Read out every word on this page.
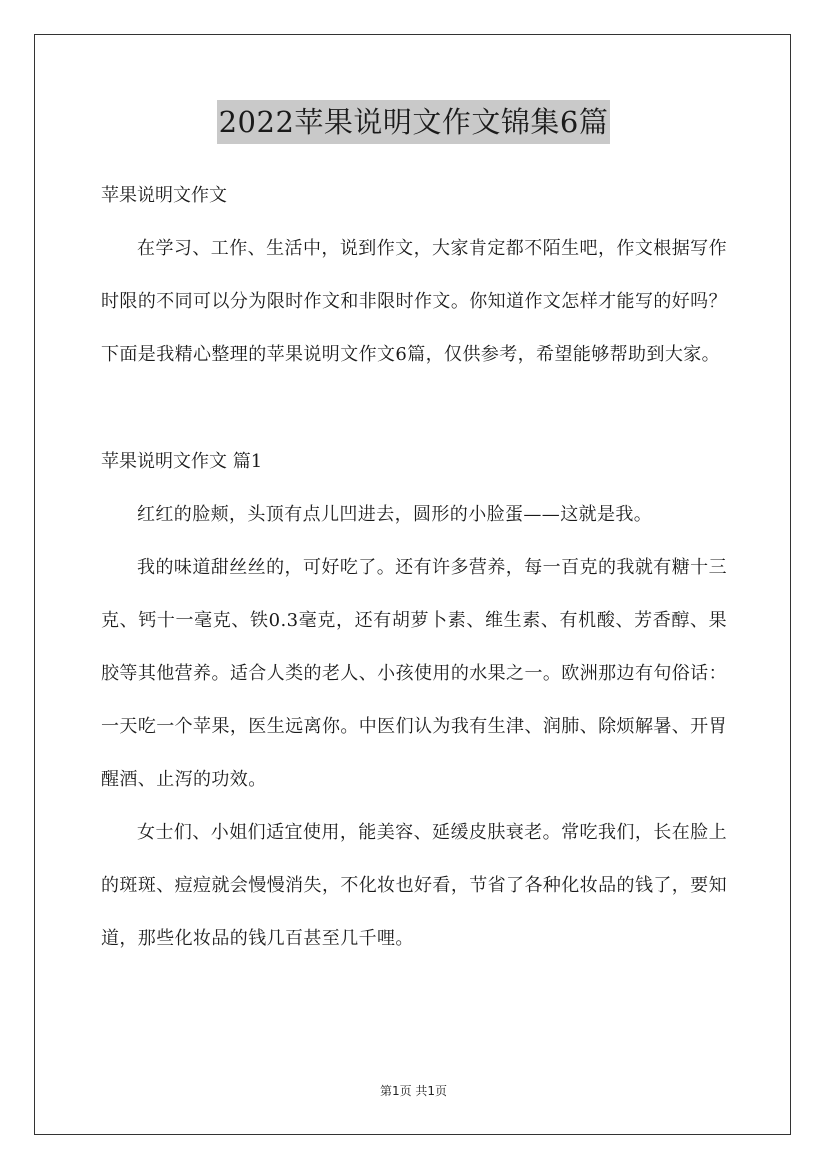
2022苹果说明文作文锦集6篇

苹果说明文作文

在学习、工作、生活中，说到作文，大家肯定都不陌生吧，作文根据写作时限的不同可以分为限时作文和非限时作文。你知道作文怎样才能写的好吗？下面是我精心整理的苹果说明文作文6篇，仅供参考，希望能够帮助到大家。

苹果说明文作文 篇1

红红的脸颊，头顶有点儿凹进去，圆形的小脸蛋——这就是我。

我的味道甜丝丝的，可好吃了。还有许多营养，每一百克的我就有糖十三克、钙十一毫克、铁0.3毫克，还有胡萝卜素、维生素、有机酸、芳香醇、果胶等其他营养。适合人类的老人、小孩使用的水果之一。欧洲那边有句俗话：一天吃一个苹果，医生远离你。中医们认为我有生津、润肺、除烦解暑、开胃醒酒、止泻的功效。

女士们、小姐们适宜使用，能美容、延缓皮肤衰老。常吃我们，长在脸上的斑斑、痘痘就会慢慢消失，不化妆也好看，节省了各种化妆品的钱了，要知道，那些化妆品的钱几百甚至几千哩。

第1页 共1页
